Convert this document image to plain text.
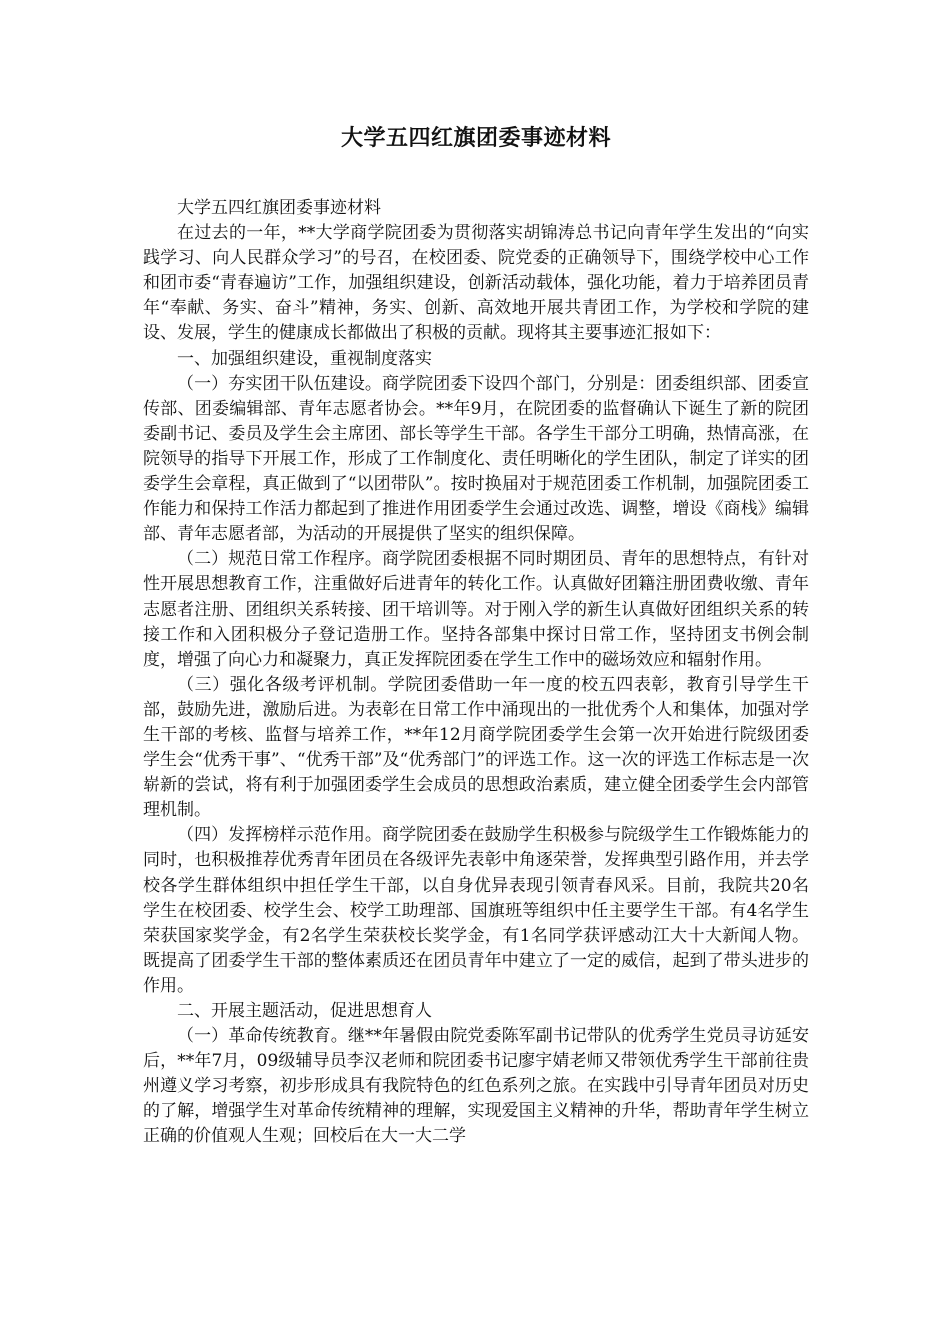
大学五四红旗团委事迹材料

大学五四红旗团委事迹材料

在过去的一年，**大学商学院团委为贯彻落实胡锦涛总书记向青年学生发出的“向实践学习、向人民群众学习”的号召，在校团委、院党委的正确领导下，围绕学校中心工作和团市委“青春遍访”工作，加强组织建设，创新活动载体，强化功能，着力于培养团员青年“奉献、务实、奋斗”精神，务实、创新、高效地开展共青团工作，为学校和学院的建设、发展，学生的健康成长都做出了积极的贡献。现将其主要事迹汇报如下：

一、加强组织建设，重视制度落实

（一）夯实团干队伍建设。商学院团委下设四个部门，分别是：团委组织部、团委宣传部、团委编辑部、青年志愿者协会。**年9月，在院团委的监督确认下诞生了新的院团委副书记、委员及学生会主席团、部长等学生干部。各学生干部分工明确，热情高涨，在院领导的指导下开展工作，形成了工作制度化、责任明晰化的学生团队，制定了详实的团委学生会章程，真正做到了“以团带队”。按时换届对于规范团委工作机制，加强院团委工作能力和保持工作活力都起到了推进作用团委学生会通过改选、调整，增设《商栈》编辑部、青年志愿者部，为活动的开展提供了坚实的组织保障。

（二）规范日常工作程序。商学院团委根据不同时期团员、青年的思想特点，有针对性开展思想教育工作，注重做好后进青年的转化工作。认真做好团籍注册团费收缴、青年志愿者注册、团组织关系转接、团干培训等。对于刚入学的新生认真做好团组织关系的转接工作和入团积极分子登记造册工作。坚持各部集中探讨日常工作，坚持团支书例会制度，增强了向心力和凝聚力，真正发挥院团委在学生工作中的磁场效应和辐射作用。

（三）强化各级考评机制。学院团委借助一年一度的校五四表彰，教育引导学生干部，鼓励先进，激励后进。为表彰在日常工作中涌现出的一批优秀个人和集体，加强对学生干部的考核、监督与培养工作，**年12月商学院团委学生会第一次开始进行院级团委学生会“优秀干事”、“优秀干部”及“优秀部门”的评选工作。这一次的评选工作标志是一次崭新的尝试，将有利于加强团委学生会成员的思想政治素质，建立健全团委学生会内部管理机制。

（四）发挥榜样示范作用。商学院团委在鼓励学生积极参与院级学生工作锻炼能力的同时，也积极推荐优秀青年团员在各级评先表彰中角逐荣誉，发挥典型引路作用，并去学校各学生群体组织中担任学生干部，以自身优异表现引领青春风采。目前，我院共20名学生在校团委、校学生会、校学工助理部、国旗班等组织中任主要学生干部。有4名学生荣获国家奖学金，有2名学生荣获校长奖学金，有1名同学获评感动江大十大新闻人物。既提高了团委学生干部的整体素质还在团员青年中建立了一定的威信，起到了带头进步的作用。

二、开展主题活动，促进思想育人

（一）革命传统教育。继**年暑假由院党委陈军副书记带队的优秀学生党员寻访延安后，**年7月，09级辅导员李汉老师和院团委书记廖宇婧老师又带领优秀学生干部前往贵州遵义学习考察，初步形成具有我院特色的红色系列之旅。在实践中引导青年团员对历史的了解，增强学生对革命传统精神的理解，实现爱国主义精神的升华，帮助青年学生树立正确的价值观人生观；回校后在大一大二学
